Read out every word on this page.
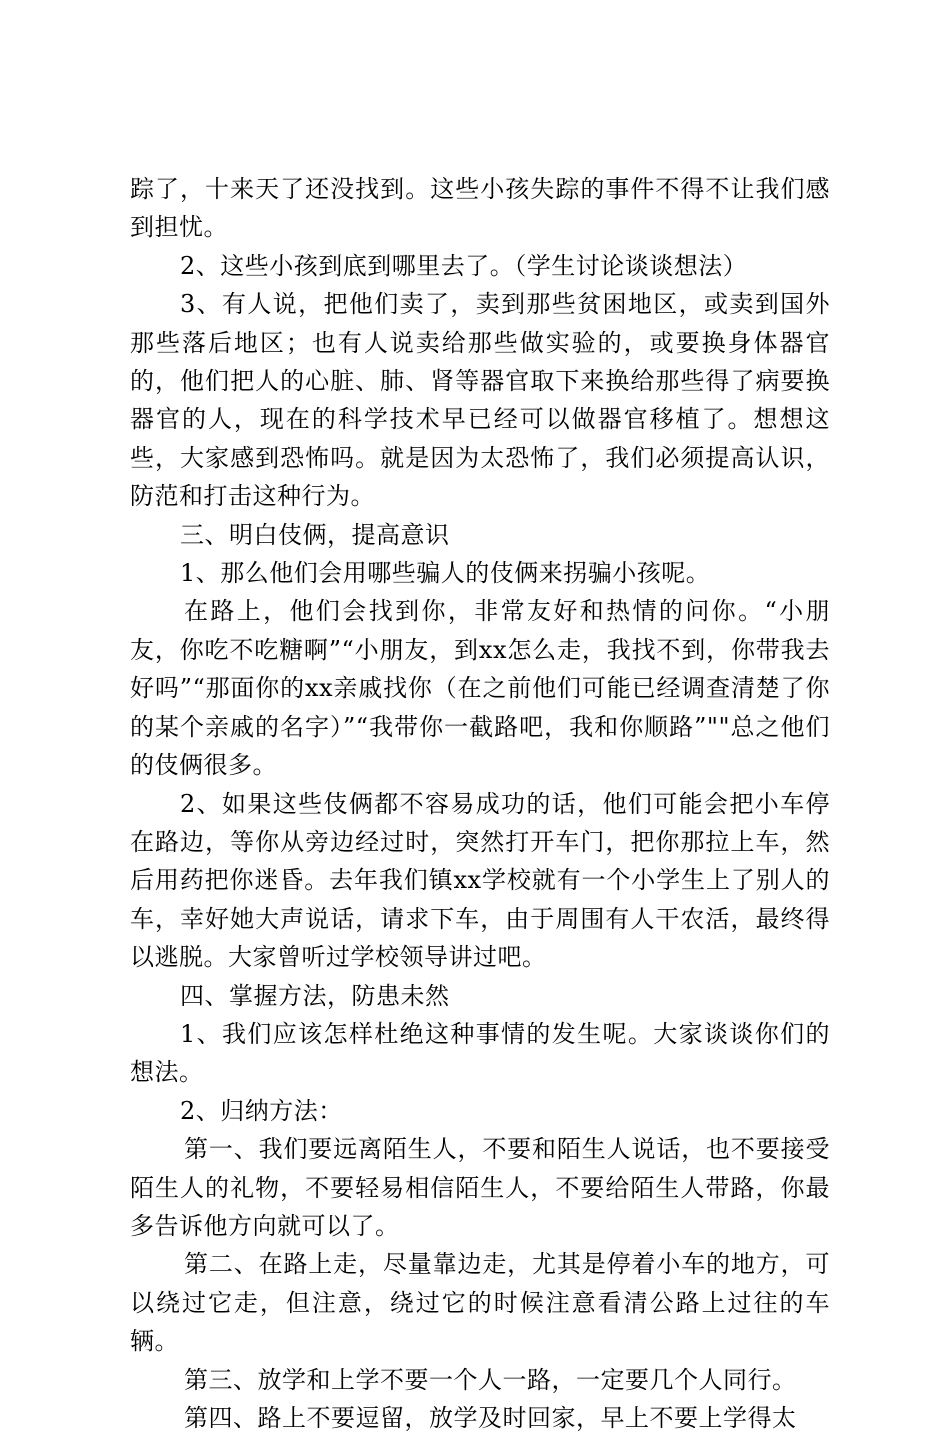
踪了，十来天了还没找到。这些小孩失踪的事件不得不让我们感到担忧。

2、这些小孩到底到哪里去了。（学生讨论谈谈想法）

3、有人说，把他们卖了，卖到那些贫困地区，或卖到国外那些落后地区；也有人说卖给那些做实验的，或要换身体器官的，他们把人的心脏、肺、肾等器官取下来换给那些得了病要换器官的人，现在的科学技术早已经可以做器官移植了。想想这些，大家感到恐怖吗。就是因为太恐怖了，我们必须提高认识，防范和打击这种行为。

三、明白伎俩，提高意识

1、那么他们会用哪些骗人的伎俩来拐骗小孩呢。

在路上，他们会找到你，非常友好和热情的问你。“小朋友，你吃不吃糖啊”“小朋友，到xx怎么走，我找不到，你带我去好吗”“那面你的xx亲戚找你（在之前他们可能已经调查清楚了你的某个亲戚的名字）”“我带你一截路吧，我和你顺路”""总之他们的伎俩很多。

2、如果这些伎俩都不容易成功的话，他们可能会把小车停在路边，等你从旁边经过时，突然打开车门，把你那拉上车，然后用药把你迷昏。去年我们镇xx学校就有一个小学生上了别人的车，幸好她大声说话，请求下车，由于周围有人干农活，最终得以逃脱。大家曾听过学校领导讲过吧。

四、掌握方法，防患未然

1、我们应该怎样杜绝这种事情的发生呢。大家谈谈你们的想法。

2、归纳方法：

第一、我们要远离陌生人，不要和陌生人说话，也不要接受陌生人的礼物，不要轻易相信陌生人，不要给陌生人带路，你最多告诉他方向就可以了。

第二、在路上走，尽量靠边走，尤其是停着小车的地方，可以绕过它走，但注意，绕过它的时候注意看清公路上过往的车辆。

第三、放学和上学不要一个人一路，一定要几个人同行。

第四、路上不要逗留，放学及时回家，早上不要上学得太
